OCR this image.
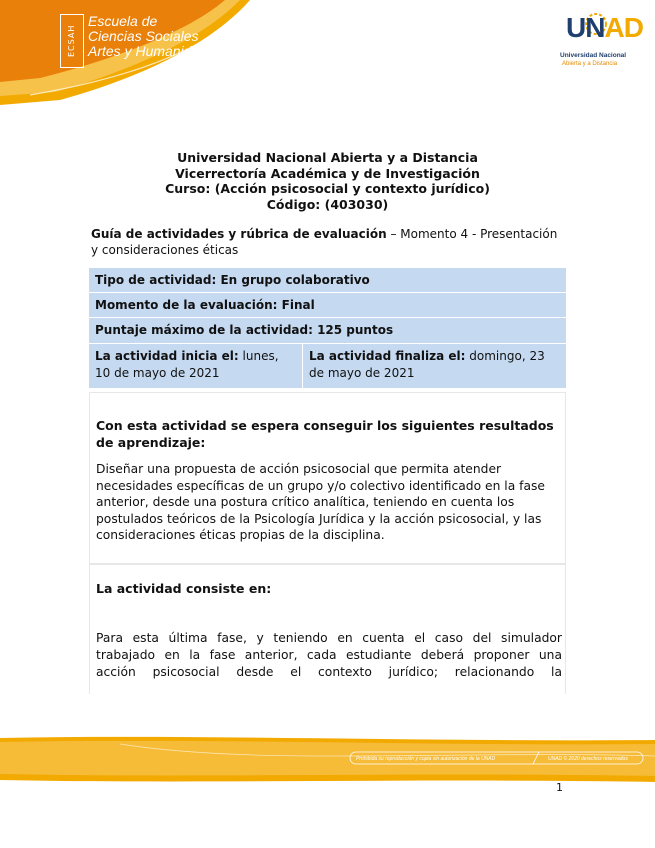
ECSAH
Escuela de
Ciencias Sociales
Artes y Humanidades
UNAD
Universidad Nacional
Abierta y a Distancia
Universidad Nacional Abierta y a Distancia
Vicerrectoría Académica y de Investigación
Curso: (Acción psicosocial y contexto jurídico)
Código: (403030)
Guía de actividades y rúbrica de evaluación – Momento 4 - Presentación y consideraciones éticas
Tipo de actividad: En grupo colaborativo
Momento de la evaluación: Final
Puntaje máximo de la actividad: 125 puntos
La actividad inicia el: lunes, 10 de mayo de 2021
La actividad finaliza el: domingo, 23 de mayo de 2021
Con esta actividad se espera conseguir los siguientes resultados de aprendizaje:
Diseñar una propuesta de acción psicosocial que permita atender necesidades específicas de un grupo y/o colectivo identificado en la fase anterior, desde una postura crítico analítica, teniendo en cuenta los postulados teóricos de la Psicología Jurídica y la acción psicosocial, y las consideraciones éticas propias de la disciplina.
La actividad consiste en:
Para esta última fase, y teniendo en cuenta el caso del simulador
trabajado en la fase anterior, cada estudiante deberá proponer una
acción psicosocial desde el contexto jurídico; relacionando la
Prohibida su reproducción y copia sin autorización de la UNAD	UNAD © 2020 derechos reservados
1
